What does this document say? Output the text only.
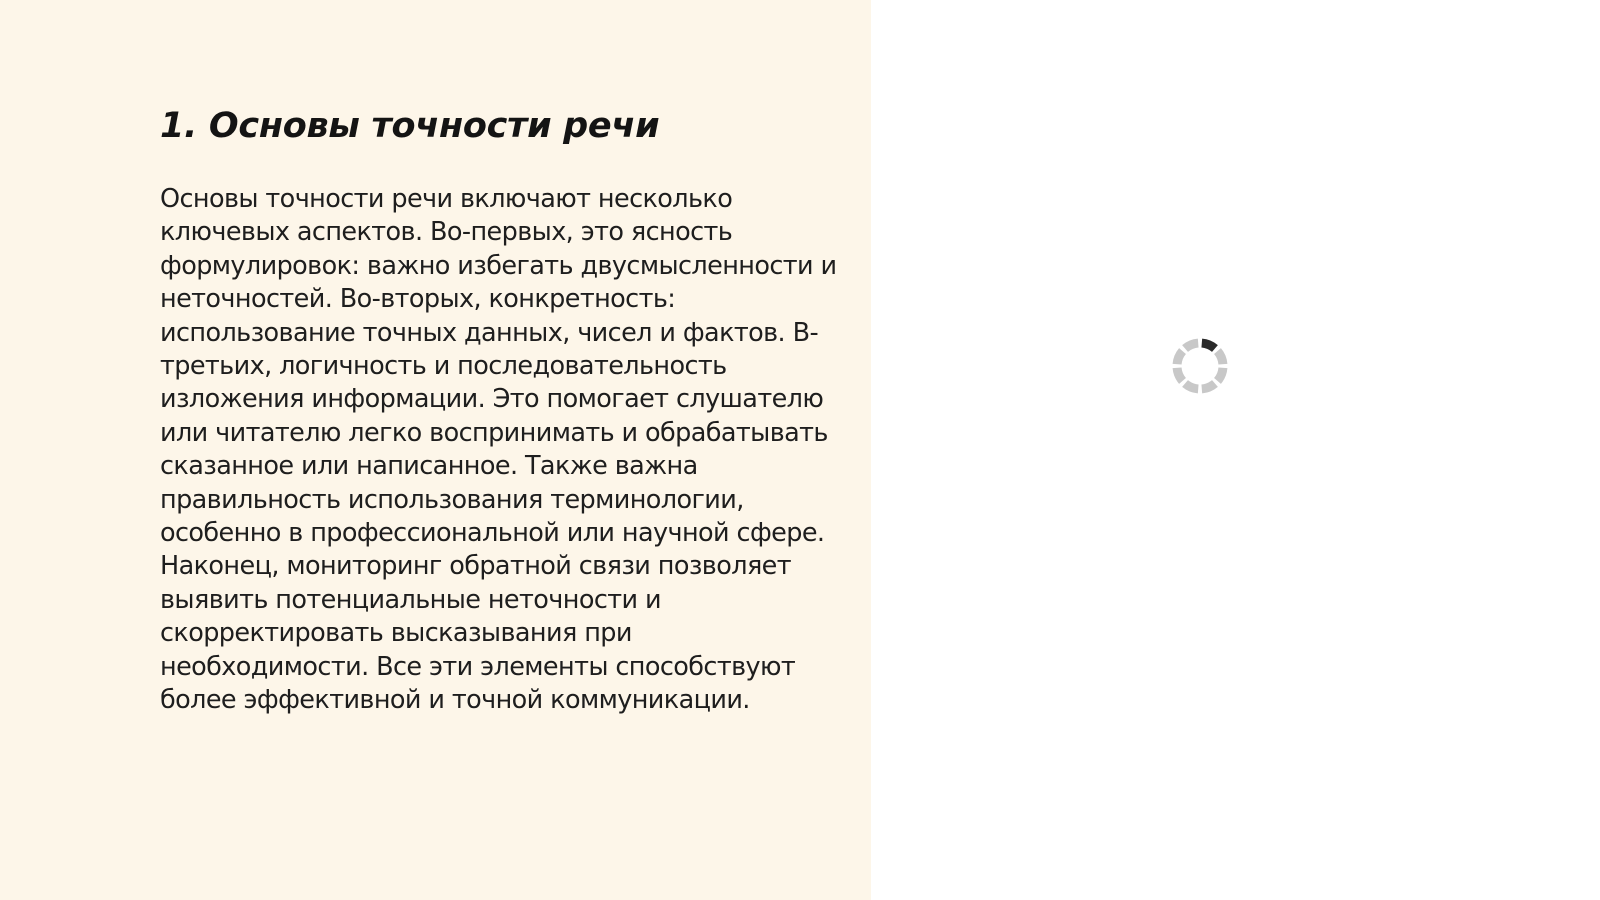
1. Основы точности речи

Основы точности речи включают несколько ключевых аспектов. Во-первых, это ясность формулировок: важно избегать двусмысленности и неточностей. Во-вторых, конкретность: использование точных данных, чисел и фактов. В-третьих, логичность и последовательность изложения информации. Это помогает слушателю или читателю легко воспринимать и обрабатывать сказанное или написанное. Также важна правильность использования терминологии, особенно в профессиональной или научной сфере. Наконец, мониторинг обратной связи позволяет выявить потенциальные неточности и скорректировать высказывания при необходимости. Все эти элементы способствуют более эффективной и точной коммуникации.
